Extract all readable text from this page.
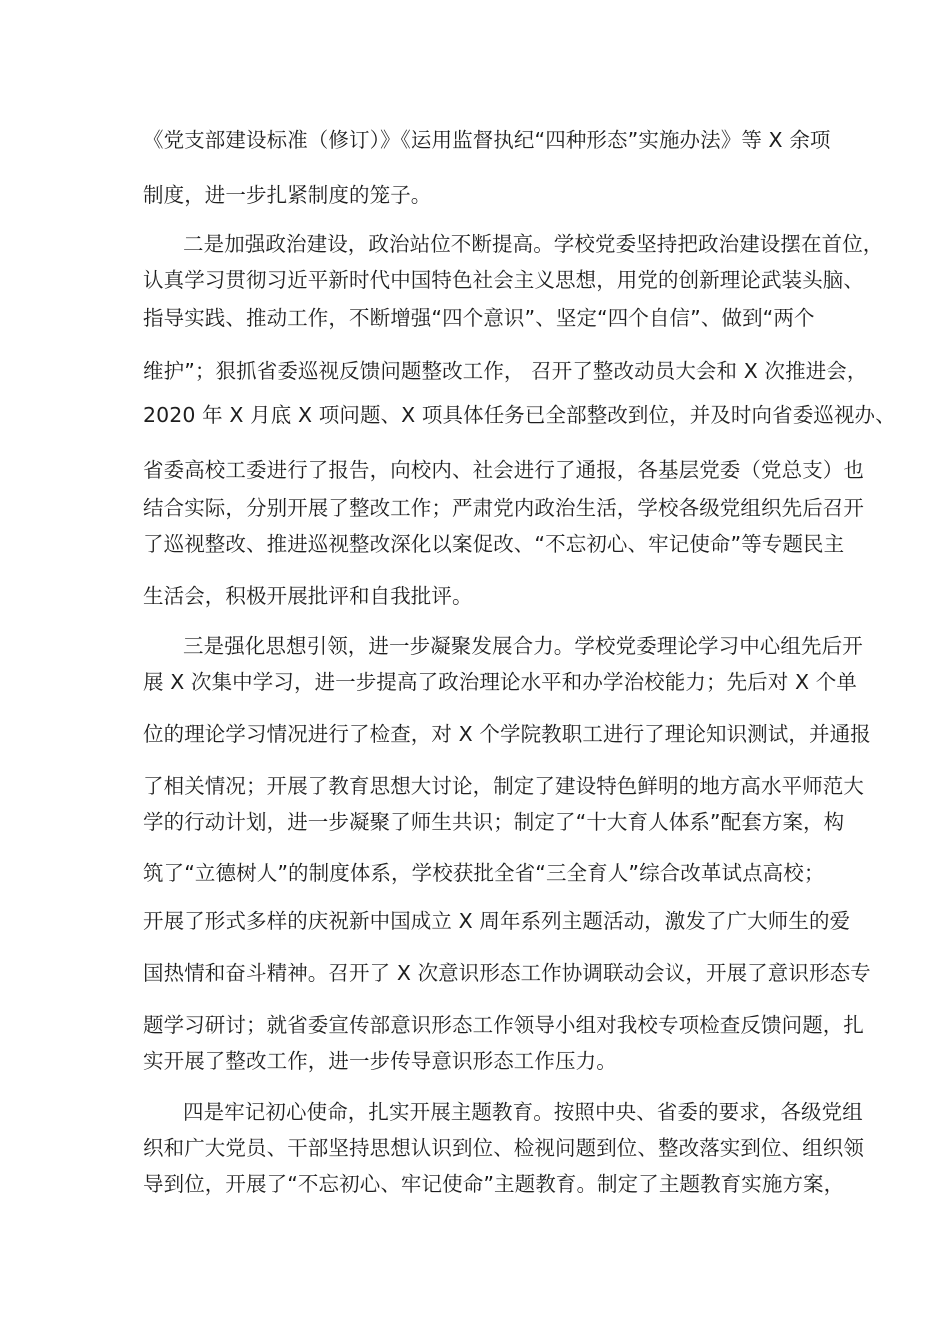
《党支部建设标准（修订）》《运用监督执纪“四种形态”实施办法》等 X 余项
制度，进一步扎紧制度的笼子。
二是加强政治建设，政治站位不断提高。学校党委坚持把政治建设摆在首位，
认真学习贯彻习近平新时代中国特色社会主义思想，用党的创新理论武装头脑、
指导实践、推动工作，不断增强“四个意识”、坚定“四个自信”、做到“两个
维护”；狠抓省委巡视反馈问题整改工作， 召开了整改动员大会和 X 次推进会，
2020 年 X 月底 X 项问题、X 项具体任务已全部整改到位，并及时向省委巡视办、
省委高校工委进行了报告，向校内、社会进行了通报，各基层党委（党总支）也
结合实际，分别开展了整改工作；严肃党内政治生活，学校各级党组织先后召开
了巡视整改、推进巡视整改深化以案促改、“不忘初心、牢记使命”等专题民主
生活会，积极开展批评和自我批评。
三是强化思想引领，进一步凝聚发展合力。学校党委理论学习中心组先后开
展 X 次集中学习，进一步提高了政治理论水平和办学治校能力；先后对 X 个单
位的理论学习情况进行了检查，对 X 个学院教职工进行了理论知识测试，并通报
了相关情况；开展了教育思想大讨论，制定了建设特色鲜明的地方高水平师范大
学的行动计划，进一步凝聚了师生共识；制定了“十大育人体系”配套方案，构
筑了“立德树人”的制度体系，学校获批全省“三全育人”综合改革试点高校；
开展了形式多样的庆祝新中国成立 X 周年系列主题活动，激发了广大师生的爱
国热情和奋斗精神。召开了 X 次意识形态工作协调联动会议，开展了意识形态专
题学习研讨；就省委宣传部意识形态工作领导小组对我校专项检查反馈问题，扎
实开展了整改工作，进一步传导意识形态工作压力。
四是牢记初心使命，扎实开展主题教育。按照中央、省委的要求，各级党组
织和广大党员、干部坚持思想认识到位、检视问题到位、整改落实到位、组织领
导到位，开展了“不忘初心、牢记使命”主题教育。制定了主题教育实施方案，
